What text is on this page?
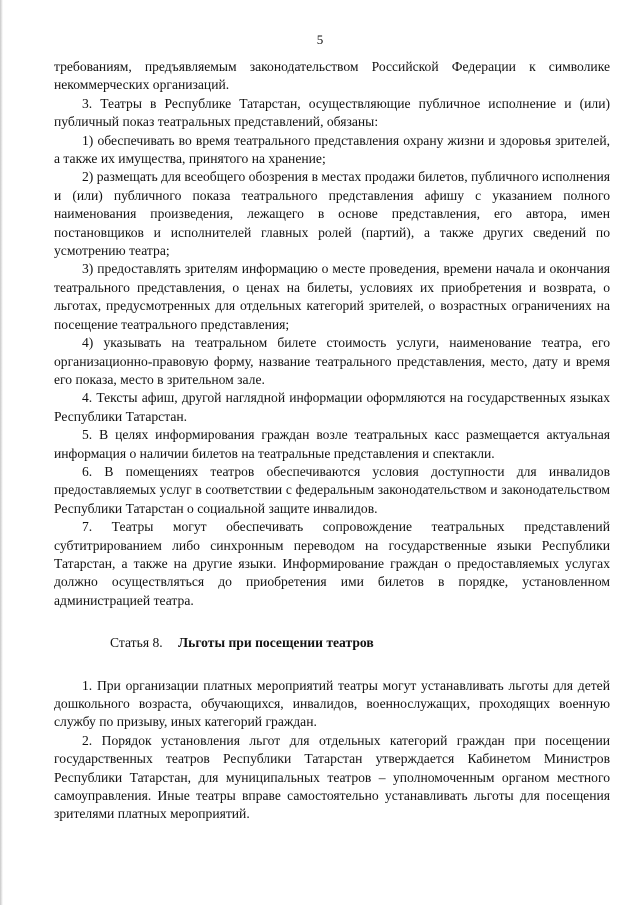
5

требованиям, предъявляемым законодательством Российской Федерации к символике некоммерческих организаций.

3. Театры в Республике Татарстан, осуществляющие публичное исполнение и (или) публичный показ театральных представлений, обязаны:

1) обеспечивать во время театрального представления охрану жизни и здоровья зрителей, а также их имущества, принятого на хранение;

2) размещать для всеобщего обозрения в местах продажи билетов, публичного исполнения и (или) публичного показа театрального представления афишу с указанием полного наименования произведения, лежащего в основе представления, его автора, имен постановщиков и исполнителей главных ролей (партий), а также других сведений по усмотрению театра;

3) предоставлять зрителям информацию о месте проведения, времени начала и окончания театрального представления, о ценах на билеты, условиях их приобретения и возврата, о льготах, предусмотренных для отдельных категорий зрителей, о возрастных ограничениях на посещение театрального представления;

4) указывать на театральном билете стоимость услуги, наименование театра, его организационно-правовую форму, название театрального представления, место, дату и время его показа, место в зрительном зале.

4. Тексты афиш, другой наглядной информации оформляются на государственных языках Республики Татарстан.

5. В целях информирования граждан возле театральных касс размещается актуальная информация о наличии билетов на театральные представления и спектакли.

6. В помещениях театров обеспечиваются условия доступности для инвалидов предоставляемых услуг в соответствии с федеральным законодательством и законодательством Республики Татарстан о социальной защите инвалидов.

7. Театры могут обеспечивать сопровождение театральных представлений субтитрированием либо синхронным переводом на государственные языки Республики Татарстан, а также на другие языки. Информирование граждан о предоставляемых услугах должно осуществляться до приобретения ими билетов в порядке, установленном администрацией театра.

Статья 8. Льготы при посещении театров

1. При организации платных мероприятий театры могут устанавливать льготы для детей дошкольного возраста, обучающихся, инвалидов, военнослужащих, проходящих военную службу по призыву, иных категорий граждан.

2. Порядок установления льгот для отдельных категорий граждан при посещении государственных театров Республики Татарстан утверждается Кабинетом Министров Республики Татарстан, для муниципальных театров – уполномоченным органом местного самоуправления. Иные театры вправе самостоятельно устанавливать льготы для посещения зрителями платных мероприятий.
